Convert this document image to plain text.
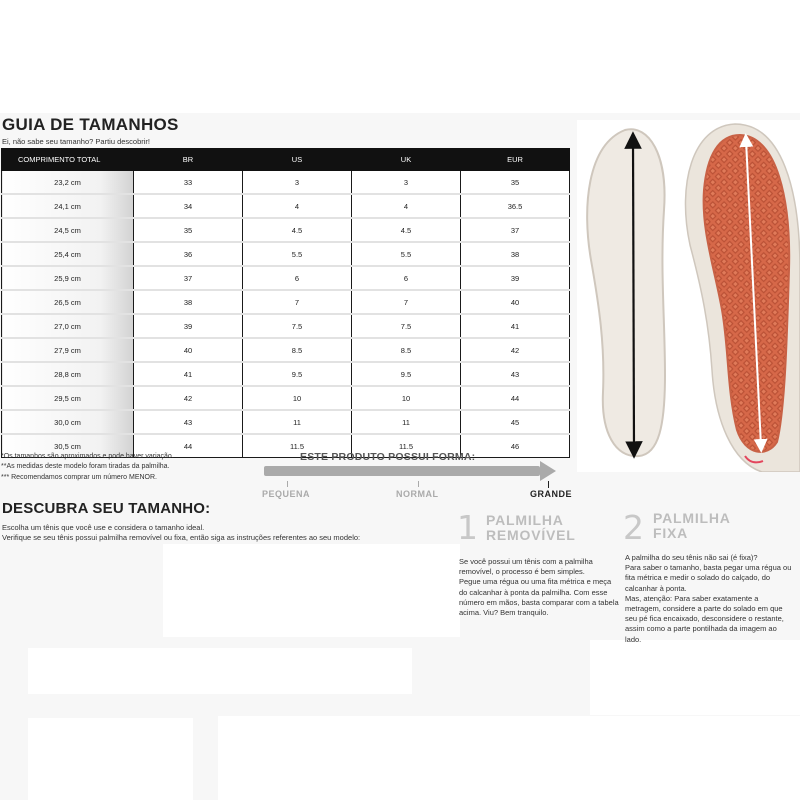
GUIA DE TAMANHOS
Ei, não sabe seu tamanho? Partiu descobrir!
COMPRIMENTO TOTAL	BR	US	UK	EUR
23,2 cm	33	3	3	35
24,1 cm	34	4	4	36.5
24,5 cm	35	4.5	4.5	37
25,4 cm	36	5.5	5.5	38
25,9 cm	37	6	6	39
26,5 cm	38	7	7	40
27,0 cm	39	7.5	7.5	41
27,9 cm	40	8.5	8.5	42
28,8 cm	41	9.5	9.5	43
29,5 cm	42	10	10	44
30,0 cm	43	11	11	45
30,5 cm	44	11.5	11.5	46
*Os tamanhos são aproximados e pode haver variação.
**As medidas deste modelo foram tiradas da palmilha.
*** Recomendamos comprar um número MENOR.
ESTE PRODUTO POSSUI FORMA:
PEQUENA	NORMAL	GRANDE
DESCUBRA SEU TAMANHO:
Escolha um tênis que você use e considera o tamanho ideal.
Verifique se seu tênis possui palmilha removível ou fixa, então siga as instruções referentes ao seu modelo:	1 PALMILHA
REMOVÍVEL

Se você possui um tênis com a palmilha removível, o processo é bem simples.

Pegue uma régua ou uma fita métrica e meça do calcanhar à ponta da palmilha. Com esse número em mãos, basta comparar com a tabela acima. Viu? Bem tranquilo.

2 PALMILHA
FIXA

A palmilha do seu tênis não sai (é fixa)?

Para saber o tamanho, basta pegar uma régua ou fita métrica e medir o solado do calçado, do calcanhar à ponta.

Mas, atenção: Para saber exatamente a metragem, considere a parte do solado em que seu pé fica encaixado, desconsidere o restante, assim como a parte pontilhada da imagem ao lado.
